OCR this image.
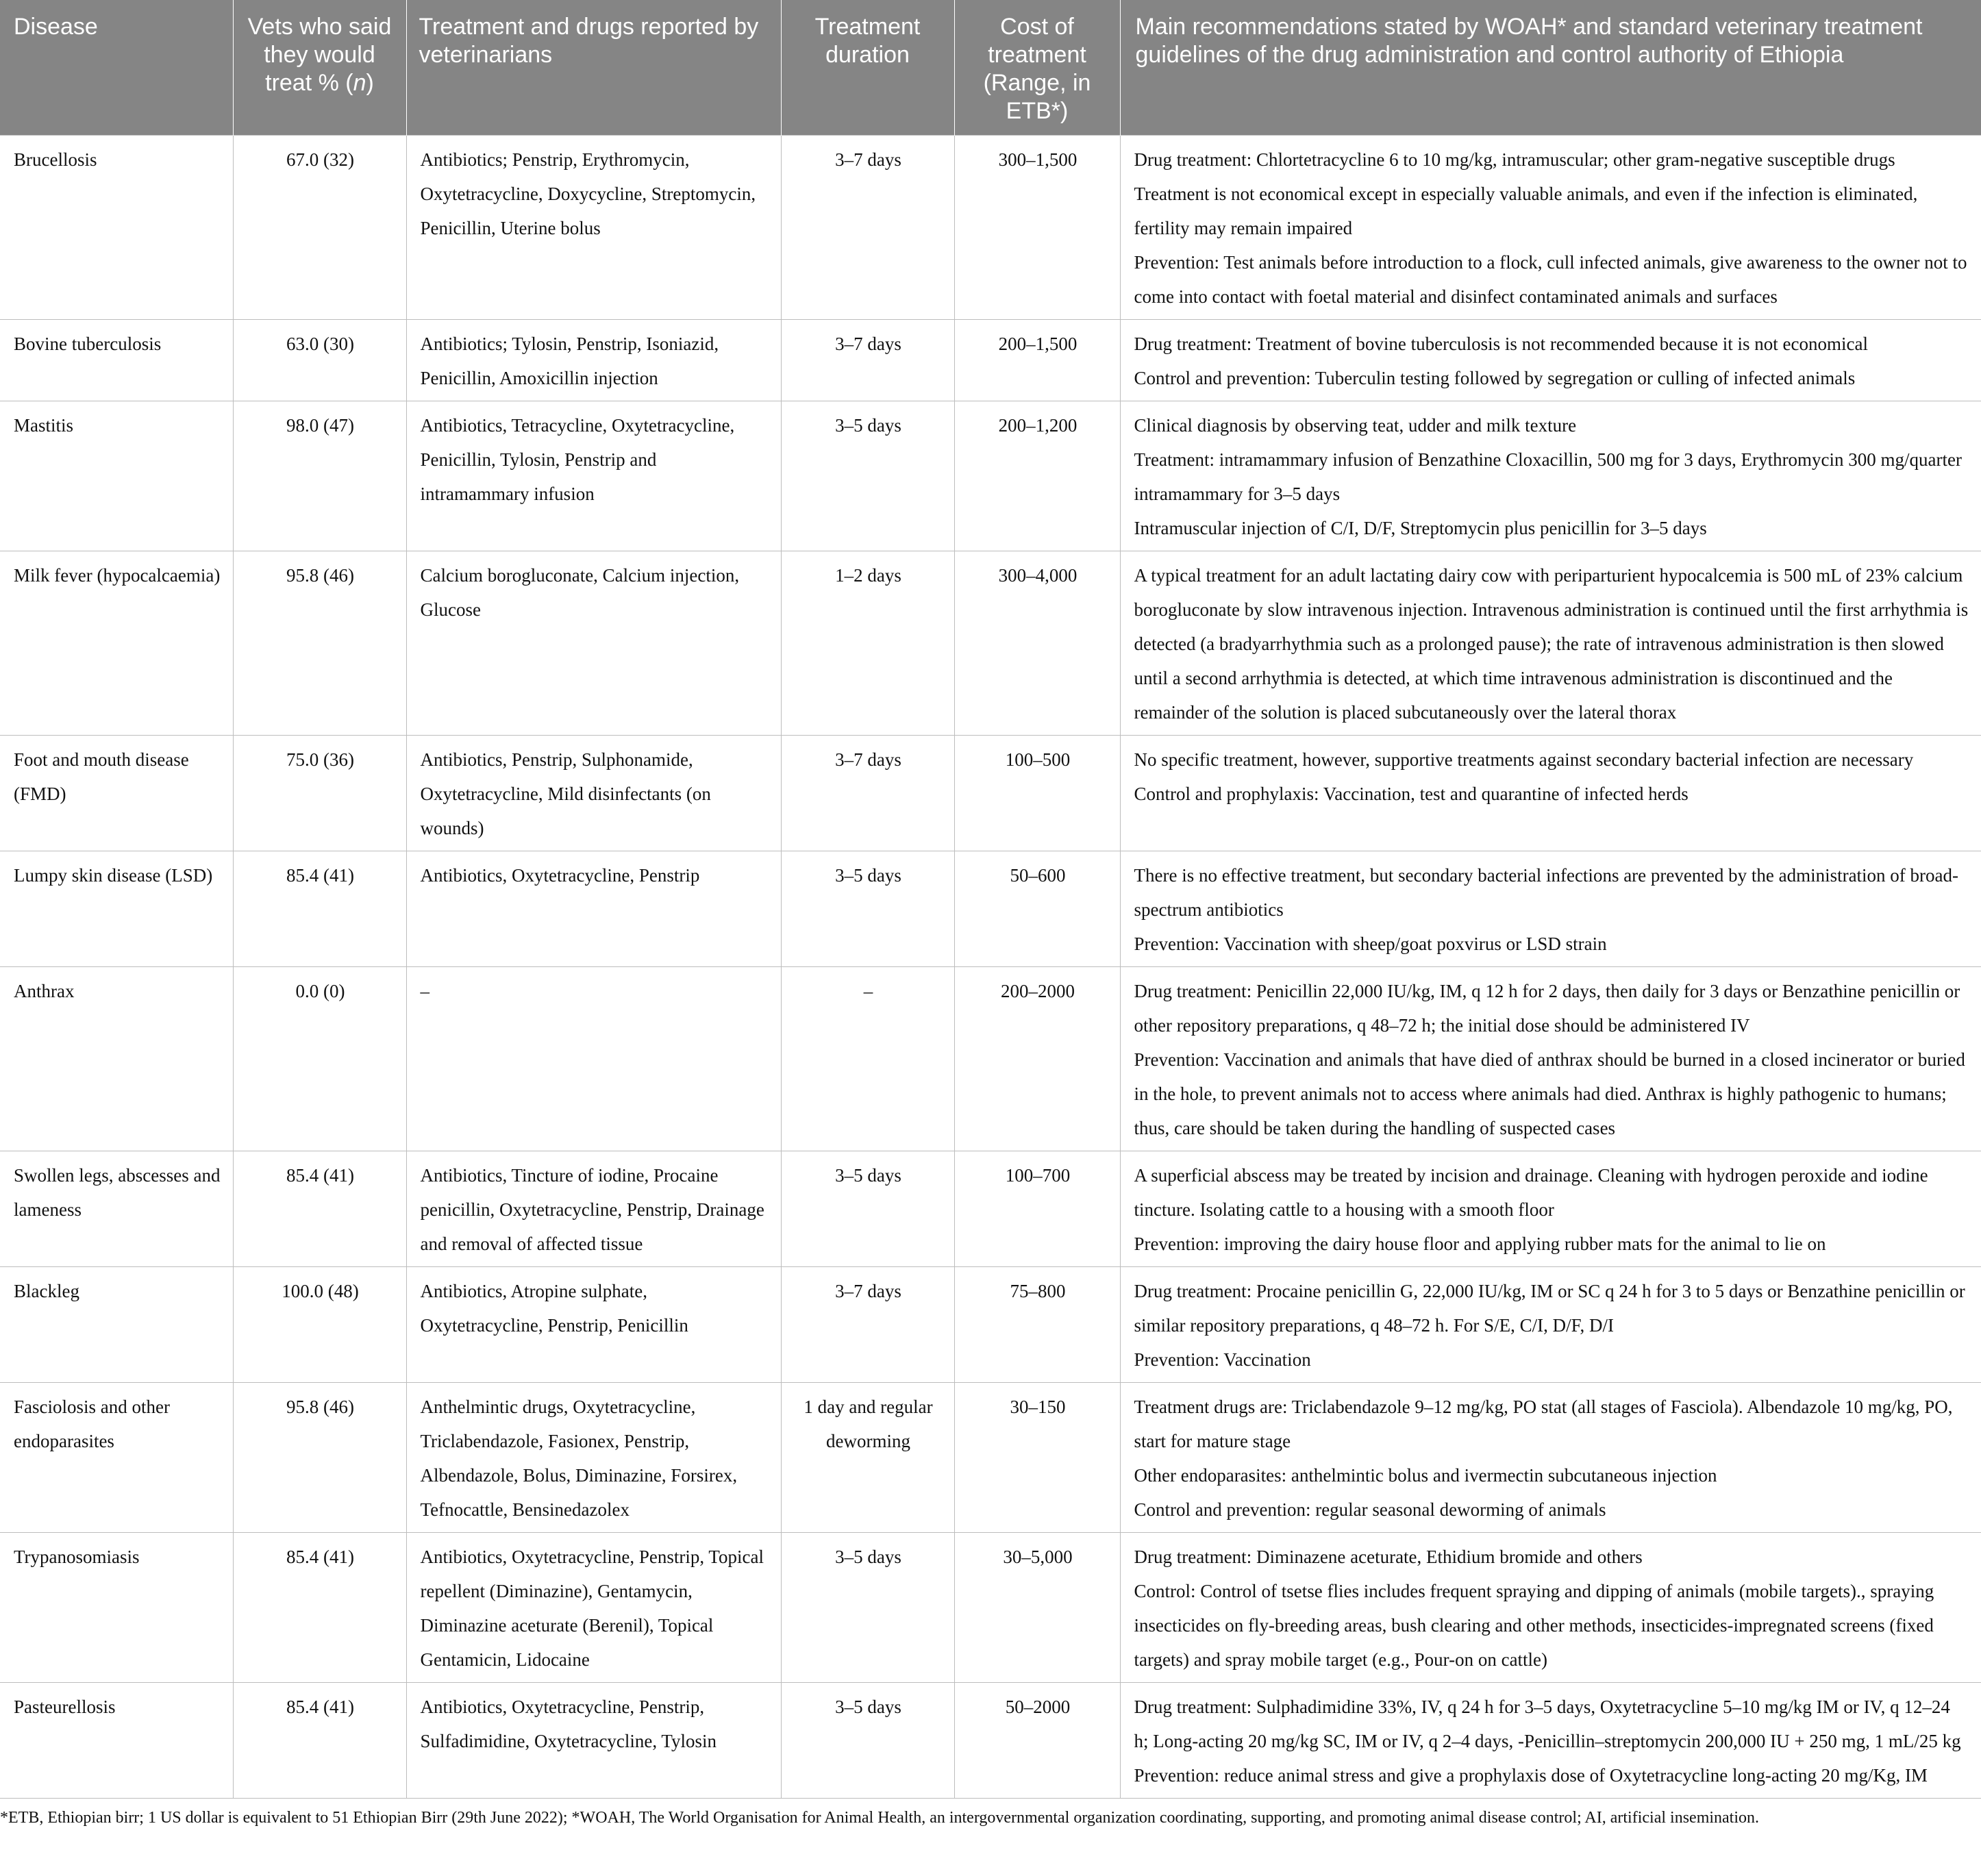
Disease	Vets who said they would treat % (n)	Treatment and drugs reported by veterinarians	Treatment duration	Cost of treatment (Range, in ETB*)	Main recommendations stated by WOAH* and standard veterinary treatment guidelines of the drug administration and control authority of Ethiopia
Brucellosis	67.0 (32)	Antibiotics; Penstrip, Erythromycin, Oxytetracycline, Doxycycline, Streptomycin, Penicillin, Uterine bolus	3–7 days	300–1,500	Drug treatment: Chlortetracycline 6 to 10 mg/kg, intramuscular; other gram-negative susceptible drugs
Treatment is not economical except in especially valuable animals, and even if the infection is eliminated, fertility may remain impaired
Prevention: Test animals before introduction to a flock, cull infected animals, give awareness to the owner not to come into contact with foetal material and disinfect contaminated animals and surfaces

Bovine tuberculosis	63.0 (30)	Antibiotics; Tylosin, Penstrip, Isoniazid, Penicillin, Amoxicillin injection	3–7 days	200–1,500	Drug treatment: Treatment of bovine tuberculosis is not recommended because it is not economical
Control and prevention: Tuberculin testing followed by segregation or culling of infected animals

Mastitis	98.0 (47)	Antibiotics, Tetracycline, Oxytetracycline, Penicillin, Tylosin, Penstrip and intramammary infusion	3–5 days	200–1,200	Clinical diagnosis by observing teat, udder and milk texture
Treatment: intramammary infusion of Benzathine Cloxacillin, 500 mg for 3 days, Erythromycin 300 mg/quarter intramammary for 3–5 days
Intramuscular injection of C/I, D/F, Streptomycin plus penicillin for 3–5 days

Milk fever (hypocalcaemia)	95.8 (46)	Calcium borogluconate, Calcium injection, Glucose	1–2 days	300–4,000	A typical treatment for an adult lactating dairy cow with periparturient hypocalcemia is 500 mL of 23% calcium borogluconate by slow intravenous injection. Intravenous administration is continued until the first arrhythmia is detected (a bradyarrhythmia such as a prolonged pause); the rate of intravenous administration is then slowed until a second arrhythmia is detected, at which time intravenous administration is discontinued and the remainder of the solution is placed subcutaneously over the lateral thorax

Foot and mouth disease (FMD)	75.0 (36)	Antibiotics, Penstrip, Sulphonamide, Oxytetracycline, Mild disinfectants (on wounds)	3–7 days	100–500	No specific treatment, however, supportive treatments against secondary bacterial infection are necessary
Control and prophylaxis: Vaccination, test and quarantine of infected herds

Lumpy skin disease (LSD)	85.4 (41)	Antibiotics, Oxytetracycline, Penstrip	3–5 days	50–600	There is no effective treatment, but secondary bacterial infections are prevented by the administration of broad-spectrum antibiotics
Prevention: Vaccination with sheep/goat poxvirus or LSD strain

Anthrax	0.0 (0)	–	–	200–2000	Drug treatment: Penicillin 22,000 IU/kg, IM, q 12 h for 2 days, then daily for 3 days or Benzathine penicillin or other repository preparations, q 48–72 h; the initial dose should be administered IV
Prevention: Vaccination and animals that have died of anthrax should be burned in a closed incinerator or buried in the hole, to prevent animals not to access where animals had died. Anthrax is highly pathogenic to humans; thus, care should be taken during the handling of suspected cases

Swollen legs, abscesses and lameness	85.4 (41)	Antibiotics, Tincture of iodine, Procaine penicillin, Oxytetracycline, Penstrip, Drainage and removal of affected tissue	3–5 days	100–700	A superficial abscess may be treated by incision and drainage. Cleaning with hydrogen peroxide and iodine tincture. Isolating cattle to a housing with a smooth floor
Prevention: improving the dairy house floor and applying rubber mats for the animal to lie on

Blackleg	100.0 (48)	Antibiotics, Atropine sulphate, Oxytetracycline, Penstrip, Penicillin	3–7 days	75–800	Drug treatment: Procaine penicillin G, 22,000 IU/kg, IM or SC q 24 h for 3 to 5 days or Benzathine penicillin or similar repository preparations, q 48–72 h. For S/E, C/I, D/F, D/I
Prevention: Vaccination

Fasciolosis and other endoparasites	95.8 (46)	Anthelmintic drugs, Oxytetracycline, Triclabendazole, Fasionex, Penstrip, Albendazole, Bolus, Diminazine, Forsirex, Tefnocattle, Bensinedazolex	1 day and regular deworming	30–150	Treatment drugs are: Triclabendazole 9–12 mg/kg, PO stat (all stages of Fasciola). Albendazole 10 mg/kg, PO, start for mature stage
Other endoparasites: anthelmintic bolus and ivermectin subcutaneous injection
Control and prevention: regular seasonal deworming of animals

Trypanosomiasis	85.4 (41)	Antibiotics, Oxytetracycline, Penstrip, Topical repellent (Diminazine), Gentamycin, Diminazine aceturate (Berenil), Topical Gentamicin, Lidocaine	3–5 days	30–5,000	Drug treatment: Diminazene aceturate, Ethidium bromide and others
Control: Control of tsetse flies includes frequent spraying and dipping of animals (mobile targets)., spraying insecticides on fly-breeding areas, bush clearing and other methods, insecticides-impregnated screens (fixed targets) and spray mobile target (e.g., Pour-on on cattle)

Pasteurellosis	85.4 (41)	Antibiotics, Oxytetracycline, Penstrip, Sulfadimidine, Oxytetracycline, Tylosin	3–5 days	50–2000	Drug treatment: Sulphadimidine 33%, IV, q 24 h for 3–5 days, Oxytetracycline 5–10 mg/kg IM or IV, q 12–24 h; Long-acting 20 mg/kg SC, IM or IV, q 2–4 days, -Penicillin–streptomycin 200,000 IU + 250 mg, 1 mL/25 kg
Prevention: reduce animal stress and give a prophylaxis dose of Oxytetracycline long-acting 20 mg/Kg, IM
*ETB, Ethiopian birr; 1 US dollar is equivalent to 51 Ethiopian Birr (29th June 2022); *WOAH, The World Organisation for Animal Health, an intergovernmental organization coordinating, supporting, and promoting animal disease control; AI, artificial insemination.
